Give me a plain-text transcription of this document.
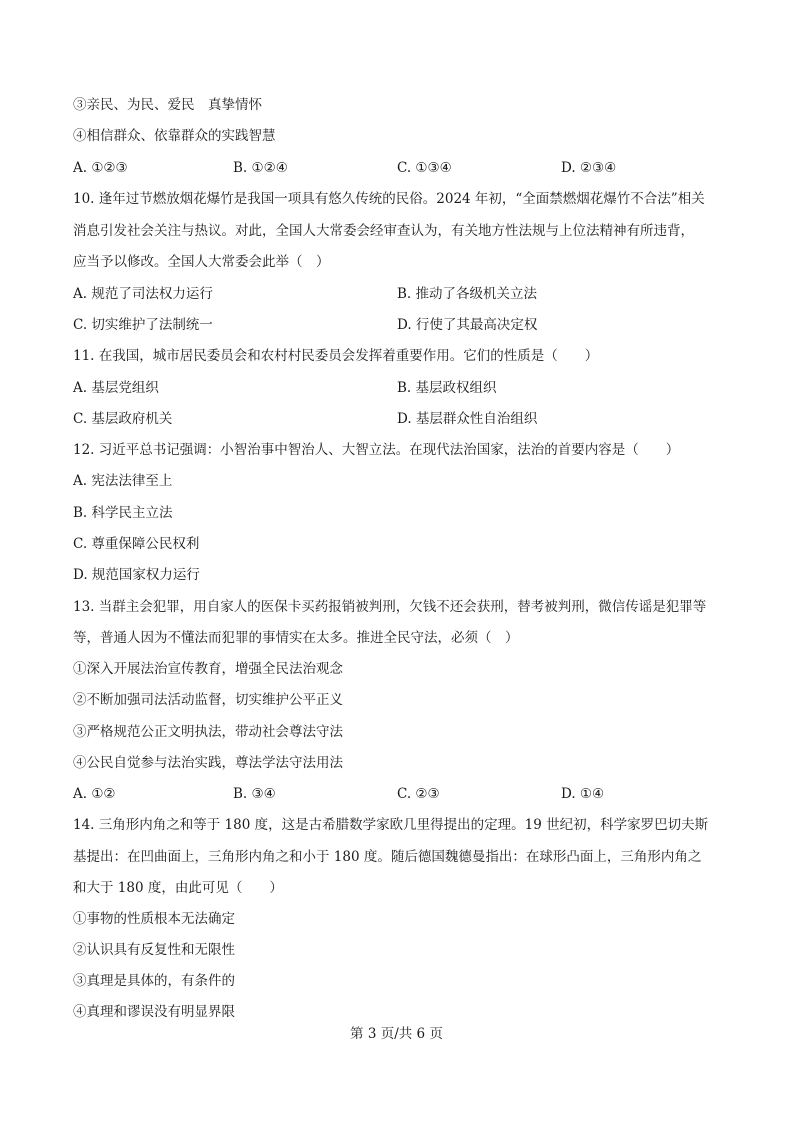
③亲民、为民、爱民　真挚情怀
④相信群众、依靠群众的实践智慧
A. ①②③	B. ①②④	C. ①③④	D. ②③④
10. 逢年过节燃放烟花爆竹是我国一项具有悠久传统的民俗。2024 年初，“全面禁燃烟花爆竹不合法”相关
消息引发社会关注与热议。对此，全国人大常委会经审查认为，有关地方性法规与上位法精神有所违背，
应当予以修改。全国人大常委会此举（　）
A. 规范了司法权力运行	B. 推动了各级机关立法
C. 切实维护了法制统一	D. 行使了其最高决定权
11. 在我国，城市居民委员会和农村村民委员会发挥着重要作用。它们的性质是（　　）
A. 基层党组织	B. 基层政权组织
C. 基层政府机关	D. 基层群众性自治组织
12. 习近平总书记强调：小智治事中智治人、大智立法。在现代法治国家，法治的首要内容是（　　）
A. 宪法法律至上
B. 科学民主立法
C. 尊重保障公民权利
D. 规范国家权力运行
13. 当群主会犯罪，用自家人的医保卡买药报销被判刑，欠钱不还会获刑，替考被判刑，微信传谣是犯罪等
等，普通人因为不懂法而犯罪的事情实在太多。推进全民守法，必须（　）
①深入开展法治宣传教育，增强全民法治观念
②不断加强司法活动监督，切实维护公平正义
③严格规范公正文明执法，带动社会尊法守法
④公民自觉参与法治实践，尊法学法守法用法
A. ①②	B. ③④	C. ②③	D. ①④
14. 三角形内角之和等于 180 度，这是古希腊数学家欧几里得提出的定理。19 世纪初，科学家罗巴切夫斯
基提出：在凹曲面上，三角形内角之和小于 180 度。随后德国魏德曼指出：在球形凸面上，三角形内角之
和大于 180 度，由此可见（　　）
①事物的性质根本无法确定
②认识具有反复性和无限性
③真理是具体的，有条件的
④真理和谬误没有明显界限
第 3 页/共 6 页
